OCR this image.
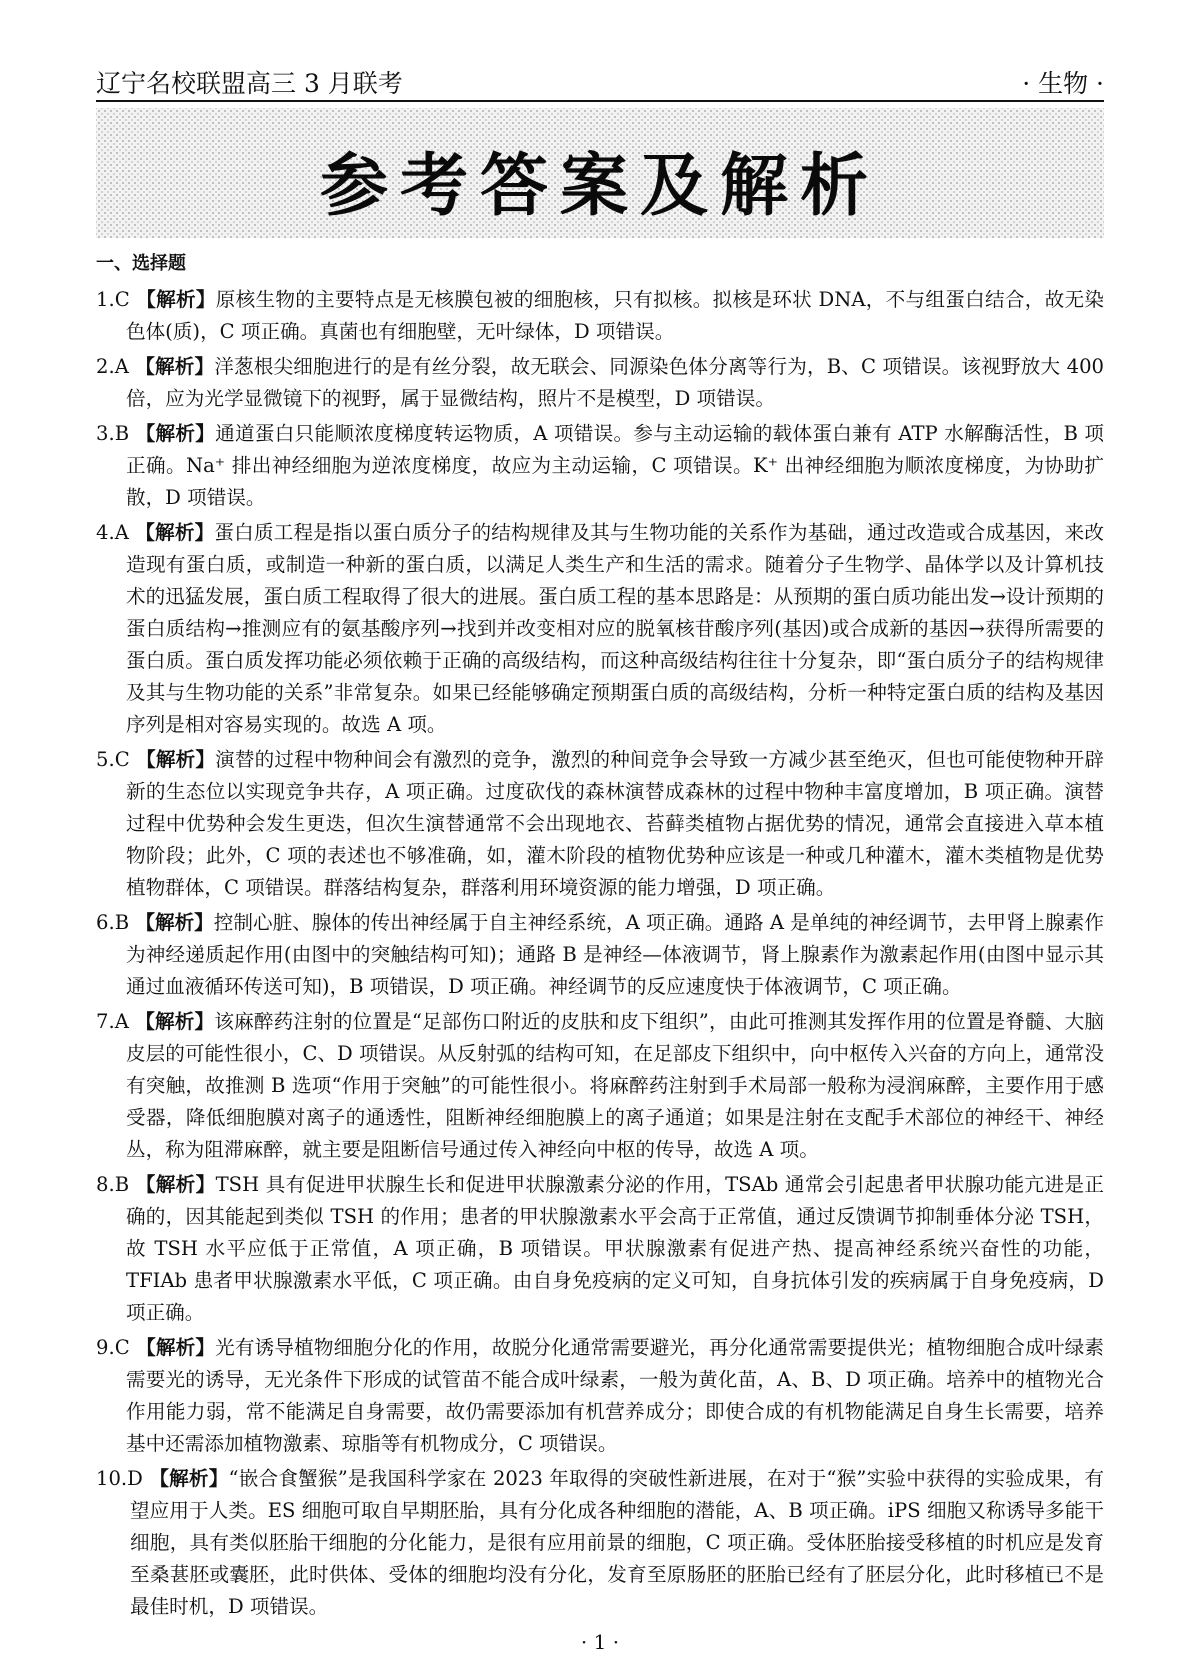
辽宁名校联盟高三 3 月联考	· 生物 ·
参考答案及解析
一、选择题
1.C 【解析】原核生物的主要特点是无核膜包被的细胞核，只有拟核。拟核是环状 DNA，不与组蛋白结合，故无染色体(质)，C 项正确。真菌也有细胞壁，无叶绿体，D 项错误。
2.A 【解析】洋葱根尖细胞进行的是有丝分裂，故无联会、同源染色体分离等行为，B、C 项错误。该视野放大 400 倍，应为光学显微镜下的视野，属于显微结构，照片不是模型，D 项错误。
3.B 【解析】通道蛋白只能顺浓度梯度转运物质，A 项错误。参与主动运输的载体蛋白兼有 ATP 水解酶活性，B 项正确。Na⁺ 排出神经细胞为逆浓度梯度，故应为主动运输，C 项错误。K⁺ 出神经细胞为顺浓度梯度，为协助扩散，D 项错误。
4.A 【解析】蛋白质工程是指以蛋白质分子的结构规律及其与生物功能的关系作为基础，通过改造或合成基因，来改造现有蛋白质，或制造一种新的蛋白质，以满足人类生产和生活的需求。随着分子生物学、晶体学以及计算机技术的迅猛发展，蛋白质工程取得了很大的进展。蛋白质工程的基本思路是：从预期的蛋白质功能出发→设计预期的蛋白质结构→推测应有的氨基酸序列→找到并改变相对应的脱氧核苷酸序列(基因)或合成新的基因→获得所需要的蛋白质。蛋白质发挥功能必须依赖于正确的高级结构，而这种高级结构往往十分复杂，即“蛋白质分子的结构规律及其与生物功能的关系”非常复杂。如果已经能够确定预期蛋白质的高级结构，分析一种特定蛋白质的结构及基因序列是相对容易实现的。故选 A 项。
5.C 【解析】演替的过程中物种间会有激烈的竞争，激烈的种间竞争会导致一方减少甚至绝灭，但也可能使物种开辟新的生态位以实现竞争共存，A 项正确。过度砍伐的森林演替成森林的过程中物种丰富度增加，B 项正确。演替过程中优势种会发生更迭，但次生演替通常不会出现地衣、苔藓类植物占据优势的情况，通常会直接进入草本植物阶段；此外，C 项的表述也不够准确，如，灌木阶段的植物优势种应该是一种或几种灌木，灌木类植物是优势植物群体，C 项错误。群落结构复杂，群落利用环境资源的能力增强，D 项正确。
6.B 【解析】控制心脏、腺体的传出神经属于自主神经系统，A 项正确。通路 A 是单纯的神经调节，去甲肾上腺素作为神经递质起作用(由图中的突触结构可知)；通路 B 是神经—体液调节，肾上腺素作为激素起作用(由图中显示其通过血液循环传送可知)，B 项错误，D 项正确。神经调节的反应速度快于体液调节，C 项正确。
7.A 【解析】该麻醉药注射的位置是“足部伤口附近的皮肤和皮下组织”，由此可推测其发挥作用的位置是脊髓、大脑皮层的可能性很小，C、D 项错误。从反射弧的结构可知，在足部皮下组织中，向中枢传入兴奋的方向上，通常没有突触，故推测 B 选项“作用于突触”的可能性很小。将麻醉药注射到手术局部一般称为浸润麻醉，主要作用于感受器，降低细胞膜对离子的通透性，阻断神经细胞膜上的离子通道；如果是注射在支配手术部位的神经干、神经丛，称为阻滞麻醉，就主要是阻断信号通过传入神经向中枢的传导，故选 A 项。
8.B 【解析】TSH 具有促进甲状腺生长和促进甲状腺激素分泌的作用，TSAb 通常会引起患者甲状腺功能亢进是正确的，因其能起到类似 TSH 的作用；患者的甲状腺激素水平会高于正常值，通过反馈调节抑制垂体分泌 TSH，故 TSH 水平应低于正常值，A 项正确，B 项错误。甲状腺激素有促进产热、提高神经系统兴奋性的功能，TFIAb 患者甲状腺激素水平低，C 项正确。由自身免疫病的定义可知，自身抗体引发的疾病属于自身免疫病，D 项正确。
9.C 【解析】光有诱导植物细胞分化的作用，故脱分化通常需要避光，再分化通常需要提供光；植物细胞合成叶绿素需要光的诱导，无光条件下形成的试管苗不能合成叶绿素，一般为黄化苗，A、B、D 项正确。培养中的植物光合作用能力弱，常不能满足自身需要，故仍需要添加有机营养成分；即使合成的有机物能满足自身生长需要，培养基中还需添加植物激素、琼脂等有机物成分，C 项错误。
10.D 【解析】“嵌合食蟹猴”是我国科学家在 2023 年取得的突破性新进展，在对于“猴”实验中获得的实验成果，有望应用于人类。ES 细胞可取自早期胚胎，具有分化成各种细胞的潜能，A、B 项正确。iPS 细胞又称诱导多能干细胞，具有类似胚胎干细胞的分化能力，是很有应用前景的细胞，C 项正确。受体胚胎接受移植的时机应是发育至桑葚胚或囊胚，此时供体、受体的细胞均没有分化，发育至原肠胚的胚胎已经有了胚层分化，此时移植已不是最佳时机，D 项错误。
· 1 ·
